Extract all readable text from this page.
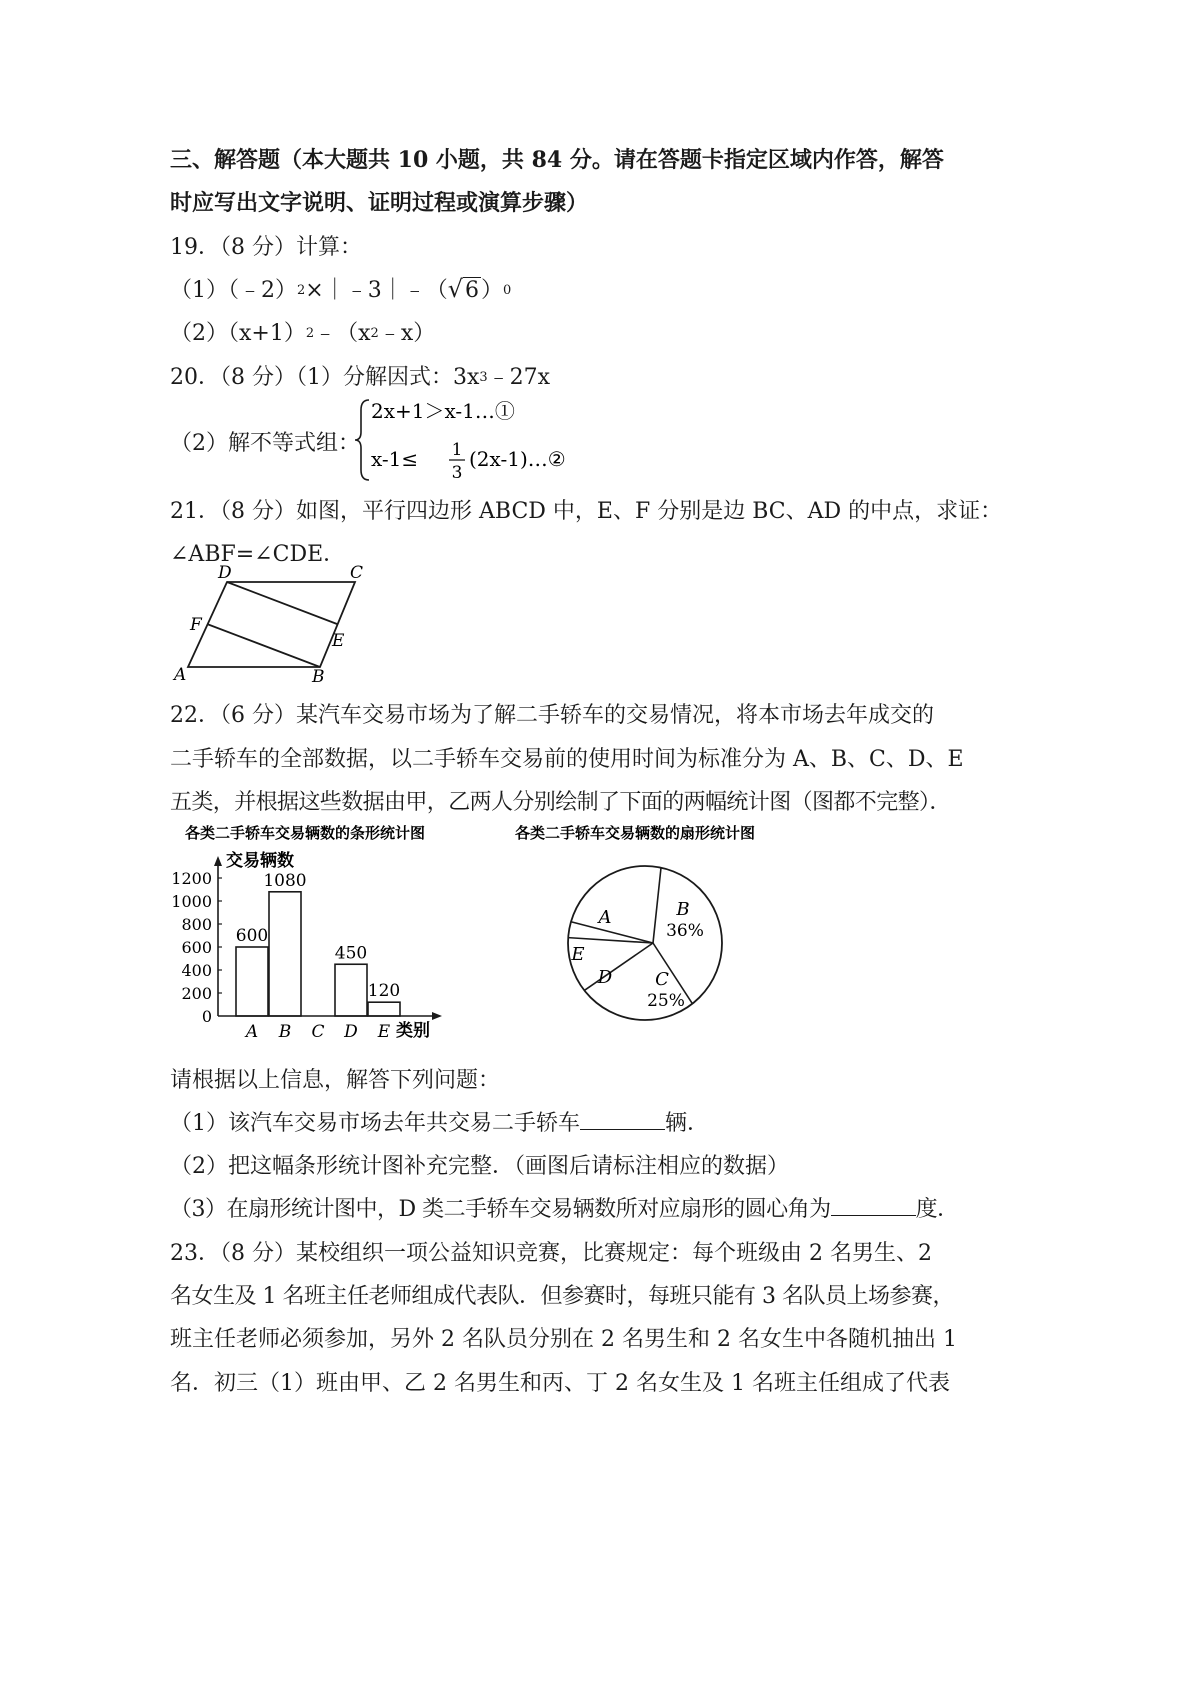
三、解答题（本大题共 10 小题，共 84 分。请在答题卡指定区域内作答，解答
时应写出文字说明、证明过程或演算步骤）
19．（8 分）计算：
$(1)(﹣2)^2\times|﹣3|﹣(√6)^0$
$(2)(x+1)^2﹣(x^2﹣x)$
20．（8 分）（1）分解因式：$3x^3﹣27x$
（2）解不等式组：
2x+1＞x-1…①
x-1≤ 1
3
(2x-1)…②
21．（8 分）如图，平行四边形 ABCD 中，E、F 分别是边 BC、AD 的中点，求证：
∠ABF=∠CDE．
A	B
C
D
E
F
22．（6 分）某汽车交易市场为了解二手轿车的交易情况，将本市场去年成交的
二手轿车的全部数据，以二手轿车交易前的使用时间为标准分为 A、B、C、D、E
五类，并根据这些数据由甲，乙两人分别绘制了下面的两幅统计图（图都不完整）．
各类二手轿车交易辆数的条形统计图
交易辆数
类别
0
200
400
600
800
1000
1200
600
1080
450
120
A B C D E
各类二手轿车交易辆数的扇形统计图
A	B
36%
C
25%
D
E
请根据以上信息，解答下列问题：
（1）该汽车交易市场去年共交易二手轿车	辆．
（2）把这幅条形统计图补充完整．（画图后请标注相应的数据）
（3）在扇形统计图中，D 类二手轿车交易辆数所对应扇形的圆心角为	度．
23．（8 分）某校组织一项公益知识竞赛，比赛规定：每个班级由 2 名男生、2
名女生及 1 名班主任老师组成代表队．但参赛时，每班只能有 3 名队员上场参赛，
班主任老师必须参加，另外 2 名队员分别在 2 名男生和 2 名女生中各随机抽出 1
名．初三（1）班由甲、乙 2 名男生和丙、丁 2 名女生及 1 名班主任组成了代表
